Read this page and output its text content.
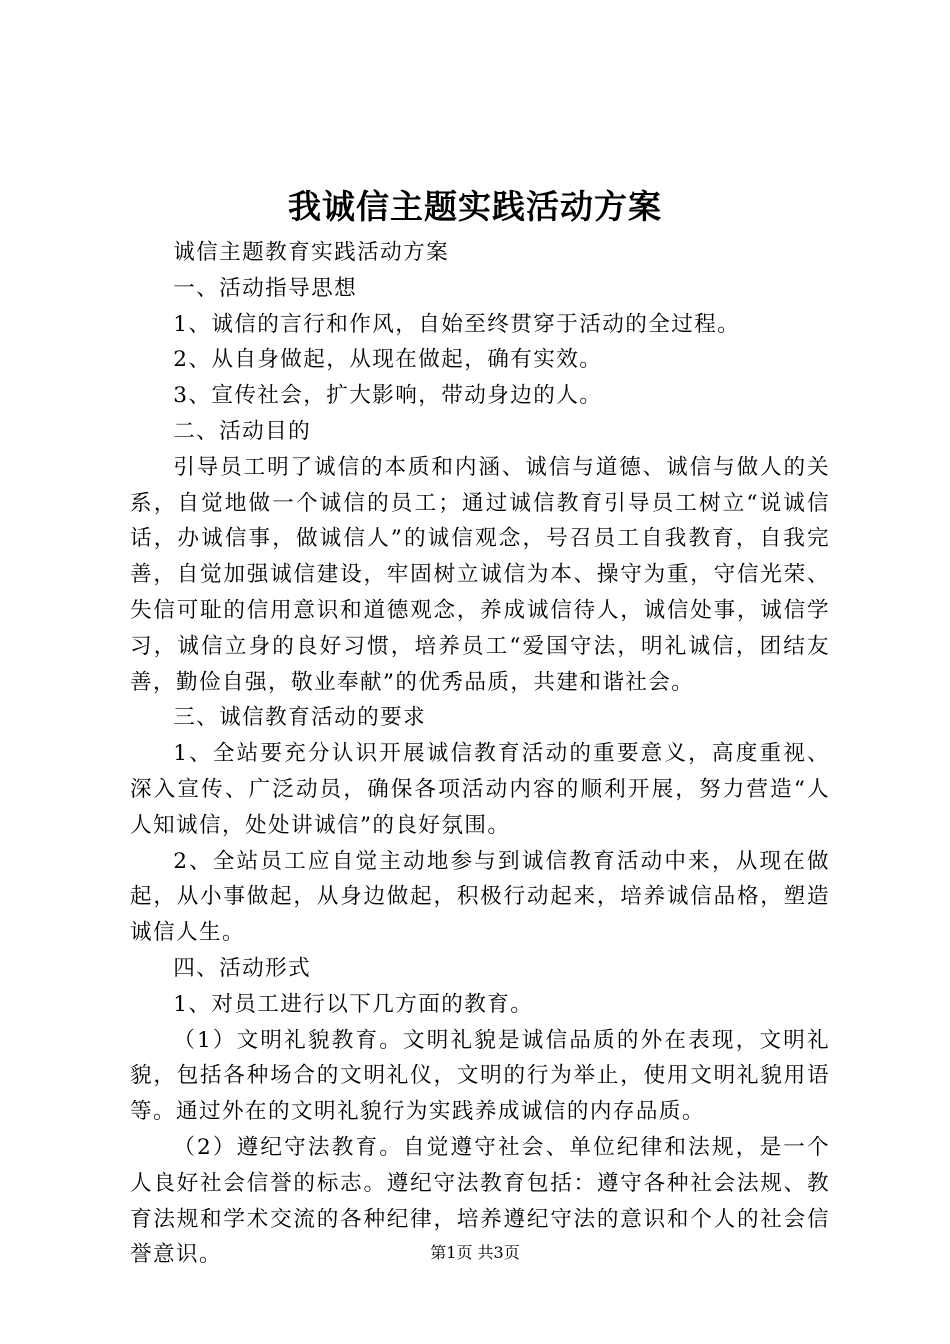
我诚信主题实践活动方案

诚信主题教育实践活动方案

一、活动指导思想

1、诚信的言行和作风，自始至终贯穿于活动的全过程。

2、从自身做起，从现在做起，确有实效。

3、宣传社会，扩大影响，带动身边的人。

二、活动目的

引导员工明了诚信的本质和内涵、诚信与道德、诚信与做人的关系，自觉地做一个诚信的员工；通过诚信教育引导员工树立“说诚信话，办诚信事，做诚信人”的诚信观念，号召员工自我教育，自我完善，自觉加强诚信建设，牢固树立诚信为本、操守为重，守信光荣、失信可耻的信用意识和道德观念，养成诚信待人，诚信处事，诚信学习，诚信立身的良好习惯，培养员工“爱国守法，明礼诚信，团结友善，勤俭自强，敬业奉献”的优秀品质，共建和谐社会。

三、诚信教育活动的要求

1、全站要充分认识开展诚信教育活动的重要意义，高度重视、深入宣传、广泛动员，确保各项活动内容的顺利开展，努力营造“人人知诚信，处处讲诚信”的良好氛围。

2、全站员工应自觉主动地参与到诚信教育活动中来，从现在做起，从小事做起，从身边做起，积极行动起来，培养诚信品格，塑造诚信人生。

四、活动形式

1、对员工进行以下几方面的教育。

（1）文明礼貌教育。文明礼貌是诚信品质的外在表现，文明礼貌，包括各种场合的文明礼仪，文明的行为举止，使用文明礼貌用语等。通过外在的文明礼貌行为实践养成诚信的内存品质。

（2）遵纪守法教育。自觉遵守社会、单位纪律和法规，是一个人良好社会信誉的标志。遵纪守法教育包括：遵守各种社会法规、教育法规和学术交流的各种纪律，培养遵纪守法的意识和个人的社会信誉意识。	第1页 共3页
